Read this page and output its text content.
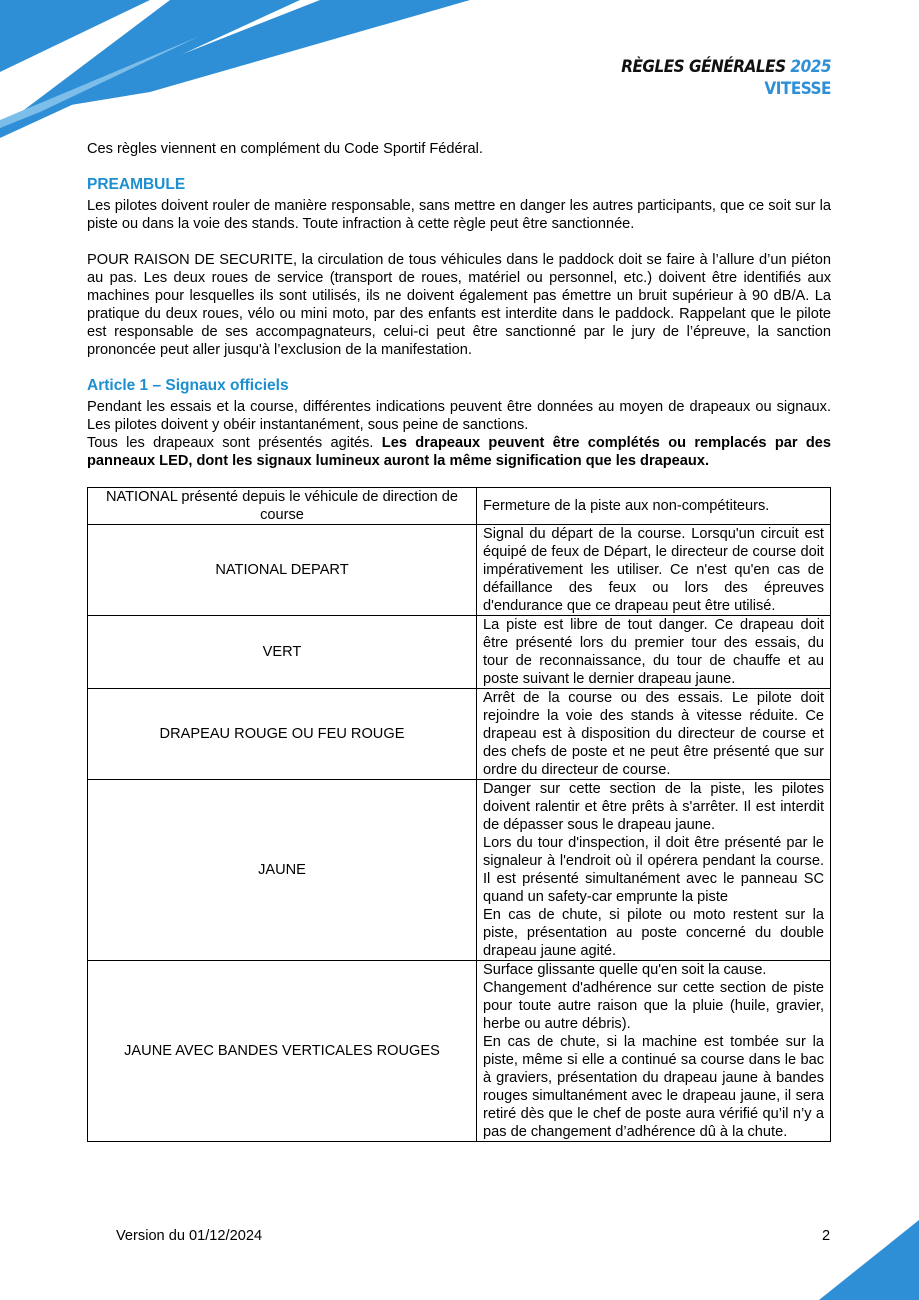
RÈGLES GÉNÉRALES 2025
VITESSE

Ces règles viennent en complément du Code Sportif Fédéral.

PREAMBULE

Les pilotes doivent rouler de manière responsable, sans mettre en danger les autres participants, que ce soit sur la piste ou dans la voie des stands. Toute infraction à cette règle peut être sanctionnée.

POUR RAISON DE SECURITE, la circulation de tous véhicules dans le paddock doit se faire à l’allure d’un piéton au pas. Les deux roues de service (transport de roues, matériel ou personnel, etc.) doivent être identifiés aux machines pour lesquelles ils sont utilisés, ils ne doivent également pas émettre un bruit supérieur à 90 dB/A. La pratique du deux roues, vélo ou mini moto, par des enfants est interdite dans le paddock. Rappelant que le pilote est responsable de ses accompagnateurs, celui-ci peut être sanctionné par le jury de l’épreuve, la sanction prononcée peut aller jusqu'à l’exclusion de la manifestation.

Article 1 – Signaux officiels

Pendant les essais et la course, différentes indications peuvent être données au moyen de drapeaux ou signaux. Les pilotes doivent y obéir instantanément, sous peine de sanctions.

Tous les drapeaux sont présentés agités. Les drapeaux peuvent être complétés ou remplacés par des panneaux LED, dont les signaux lumineux auront la même signification que les drapeaux.

NATIONAL présenté depuis le véhicule de direction de course	Fermeture de la piste aux non-compétiteurs.
NATIONAL DEPART	Signal du départ de la course. Lorsqu'un circuit est équipé de feux de Départ, le directeur de course doit impérativement les utiliser. Ce n'est qu'en cas de défaillance des feux ou lors des épreuves d'endurance que ce drapeau peut être utilisé.
VERT	La piste est libre de tout danger. Ce drapeau doit être présenté lors du premier tour des essais, du tour de reconnaissance, du tour de chauffe et au poste suivant le dernier drapeau jaune.
DRAPEAU ROUGE OU FEU ROUGE	Arrêt de la course ou des essais. Le pilote doit rejoindre la voie des stands à vitesse réduite. Ce drapeau est à disposition du directeur de course et des chefs de poste et ne peut être présenté que sur ordre du directeur de course.
JAUNE	Danger sur cette section de la piste, les pilotes doivent ralentir et être prêts à s'arrêter. Il est interdit de dépasser sous le drapeau jaune.
Lors du tour d'inspection, il doit être présenté par le signaleur à l'endroit où il opérera pendant la course. Il est présenté simultanément avec le panneau SC quand un safety-car emprunte la piste
En cas de chute, si pilote ou moto restent sur la piste, présentation au poste concerné du double drapeau jaune agité.
JAUNE AVEC BANDES VERTICALES ROUGES	Surface glissante quelle qu'en soit la cause.
Changement d'adhérence sur cette section de piste pour toute autre raison que la pluie (huile, gravier, herbe ou autre débris).
En cas de chute, si la machine est tombée sur la piste, même si elle a continué sa course dans le bac à graviers, présentation du drapeau jaune à bandes rouges simultanément avec le drapeau jaune, il sera retiré dès que le chef de poste aura vérifié qu’il n’y a pas de changement d’adhérence dû à la chute.
Version du 01/12/2024	2
